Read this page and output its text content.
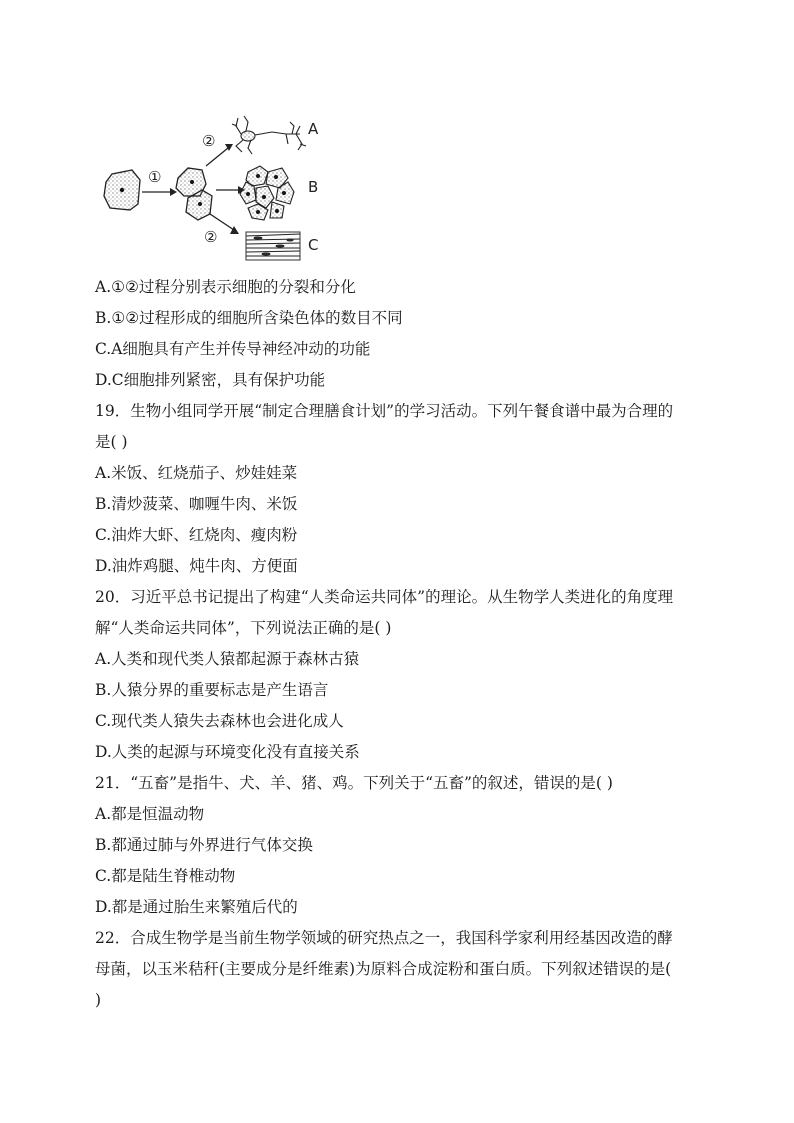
①
②
②
A
B
C
A.①②过程分别表示细胞的分裂和分化
B.①②过程形成的细胞所含染色体的数目不同
C.A细胞具有产生并传导神经冲动的功能
D.C细胞排列紧密，具有保护功能
19．生物小组同学开展“制定合理膳食计划”的学习活动。下列午餐食谱中最为合理的
是( )
A.米饭、红烧茄子、炒娃娃菜
B.清炒菠菜、咖喱牛肉、米饭
C.油炸大虾、红烧肉、瘦肉粉
D.油炸鸡腿、炖牛肉、方便面
20．习近平总书记提出了构建“人类命运共同体”的理论。从生物学人类进化的角度理
解“人类命运共同体”，下列说法正确的是( )
A.人类和现代类人猿都起源于森林古猿
B.人猿分界的重要标志是产生语言
C.现代类人猿失去森林也会进化成人
D.人类的起源与环境变化没有直接关系
21．“五畜”是指牛、犬、羊、猪、鸡。下列关于“五畜”的叙述，错误的是( )
A.都是恒温动物
B.都通过肺与外界进行气体交换
C.都是陆生脊椎动物
D.都是通过胎生来繁殖后代的
22．合成生物学是当前生物学领域的研究热点之一，我国科学家利用经基因改造的酵
母菌，以玉米秸秆(主要成分是纤维素)为原料合成淀粉和蛋白质。下列叙述错误的是(
)
